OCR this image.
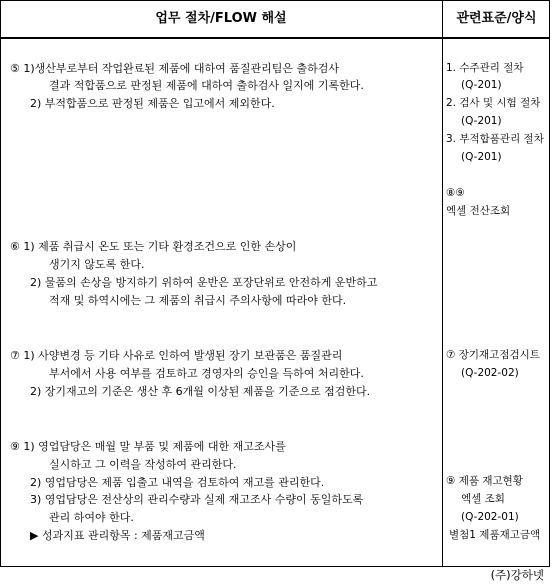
업무 절차/FLOW 해설	관련표준/양식
⑤ 1)생산부로부터 작업완료된 제품에 대하여 품질관리팀은 출하검사
결과 적합품으로 판정된 제품에 대하여 출하검사 일지에 기록한다.
2) 부적합품으로 판정된 제품은 입고에서 제외한다.
⑥ 1) 제품 취급시 온도 또는 기타 환경조건으로 인한 손상이
생기지 않도록 한다.
2) 물품의 손상을 방지하기 위하여 운반은 포장단위로 안전하게 운반하고
적재 및 하역시에는 그 제품의 취급시 주의사항에 따라야 한다.
⑦ 1) 사양변경 등 기타 사유로 인하여 발생된 장기 보관품은 품질관리
부서에서 사용 여부를 검토하고 경영자의 승인을 득하여 처리한다.
2) 장기재고의 기준은 생산 후 6개월 이상된 제품을 기준으로 점검한다.
⑨ 1) 영업담당은 매월 말 부품 및 제품에 대한 재고조사를
실시하고 그 이력을 작성하여 관리한다.
2) 영업담당은 제품 입출고 내역을 검토하여 재고를 관리한다.
3) 영업담당은 전산상의 관리수량과 실제 재고조사 수량이 동일하도록
관리 하여야 한다.
▶ 성과지표 관리항목 : 제품재고금액
1. 수주관리 절차
(Q-201)
2. 검사 및 시험 절차
(Q-201)
3. 부적합품관리 절차
(Q-201)
⑧⑨
엑셀 전산조회
⑦ 장기재고점검시트
(Q-202-02)
⑨ 제품 재고현황
엑셀 조회
(Q-202-01)
별첨1 제품재고금액
(주)강하넷
